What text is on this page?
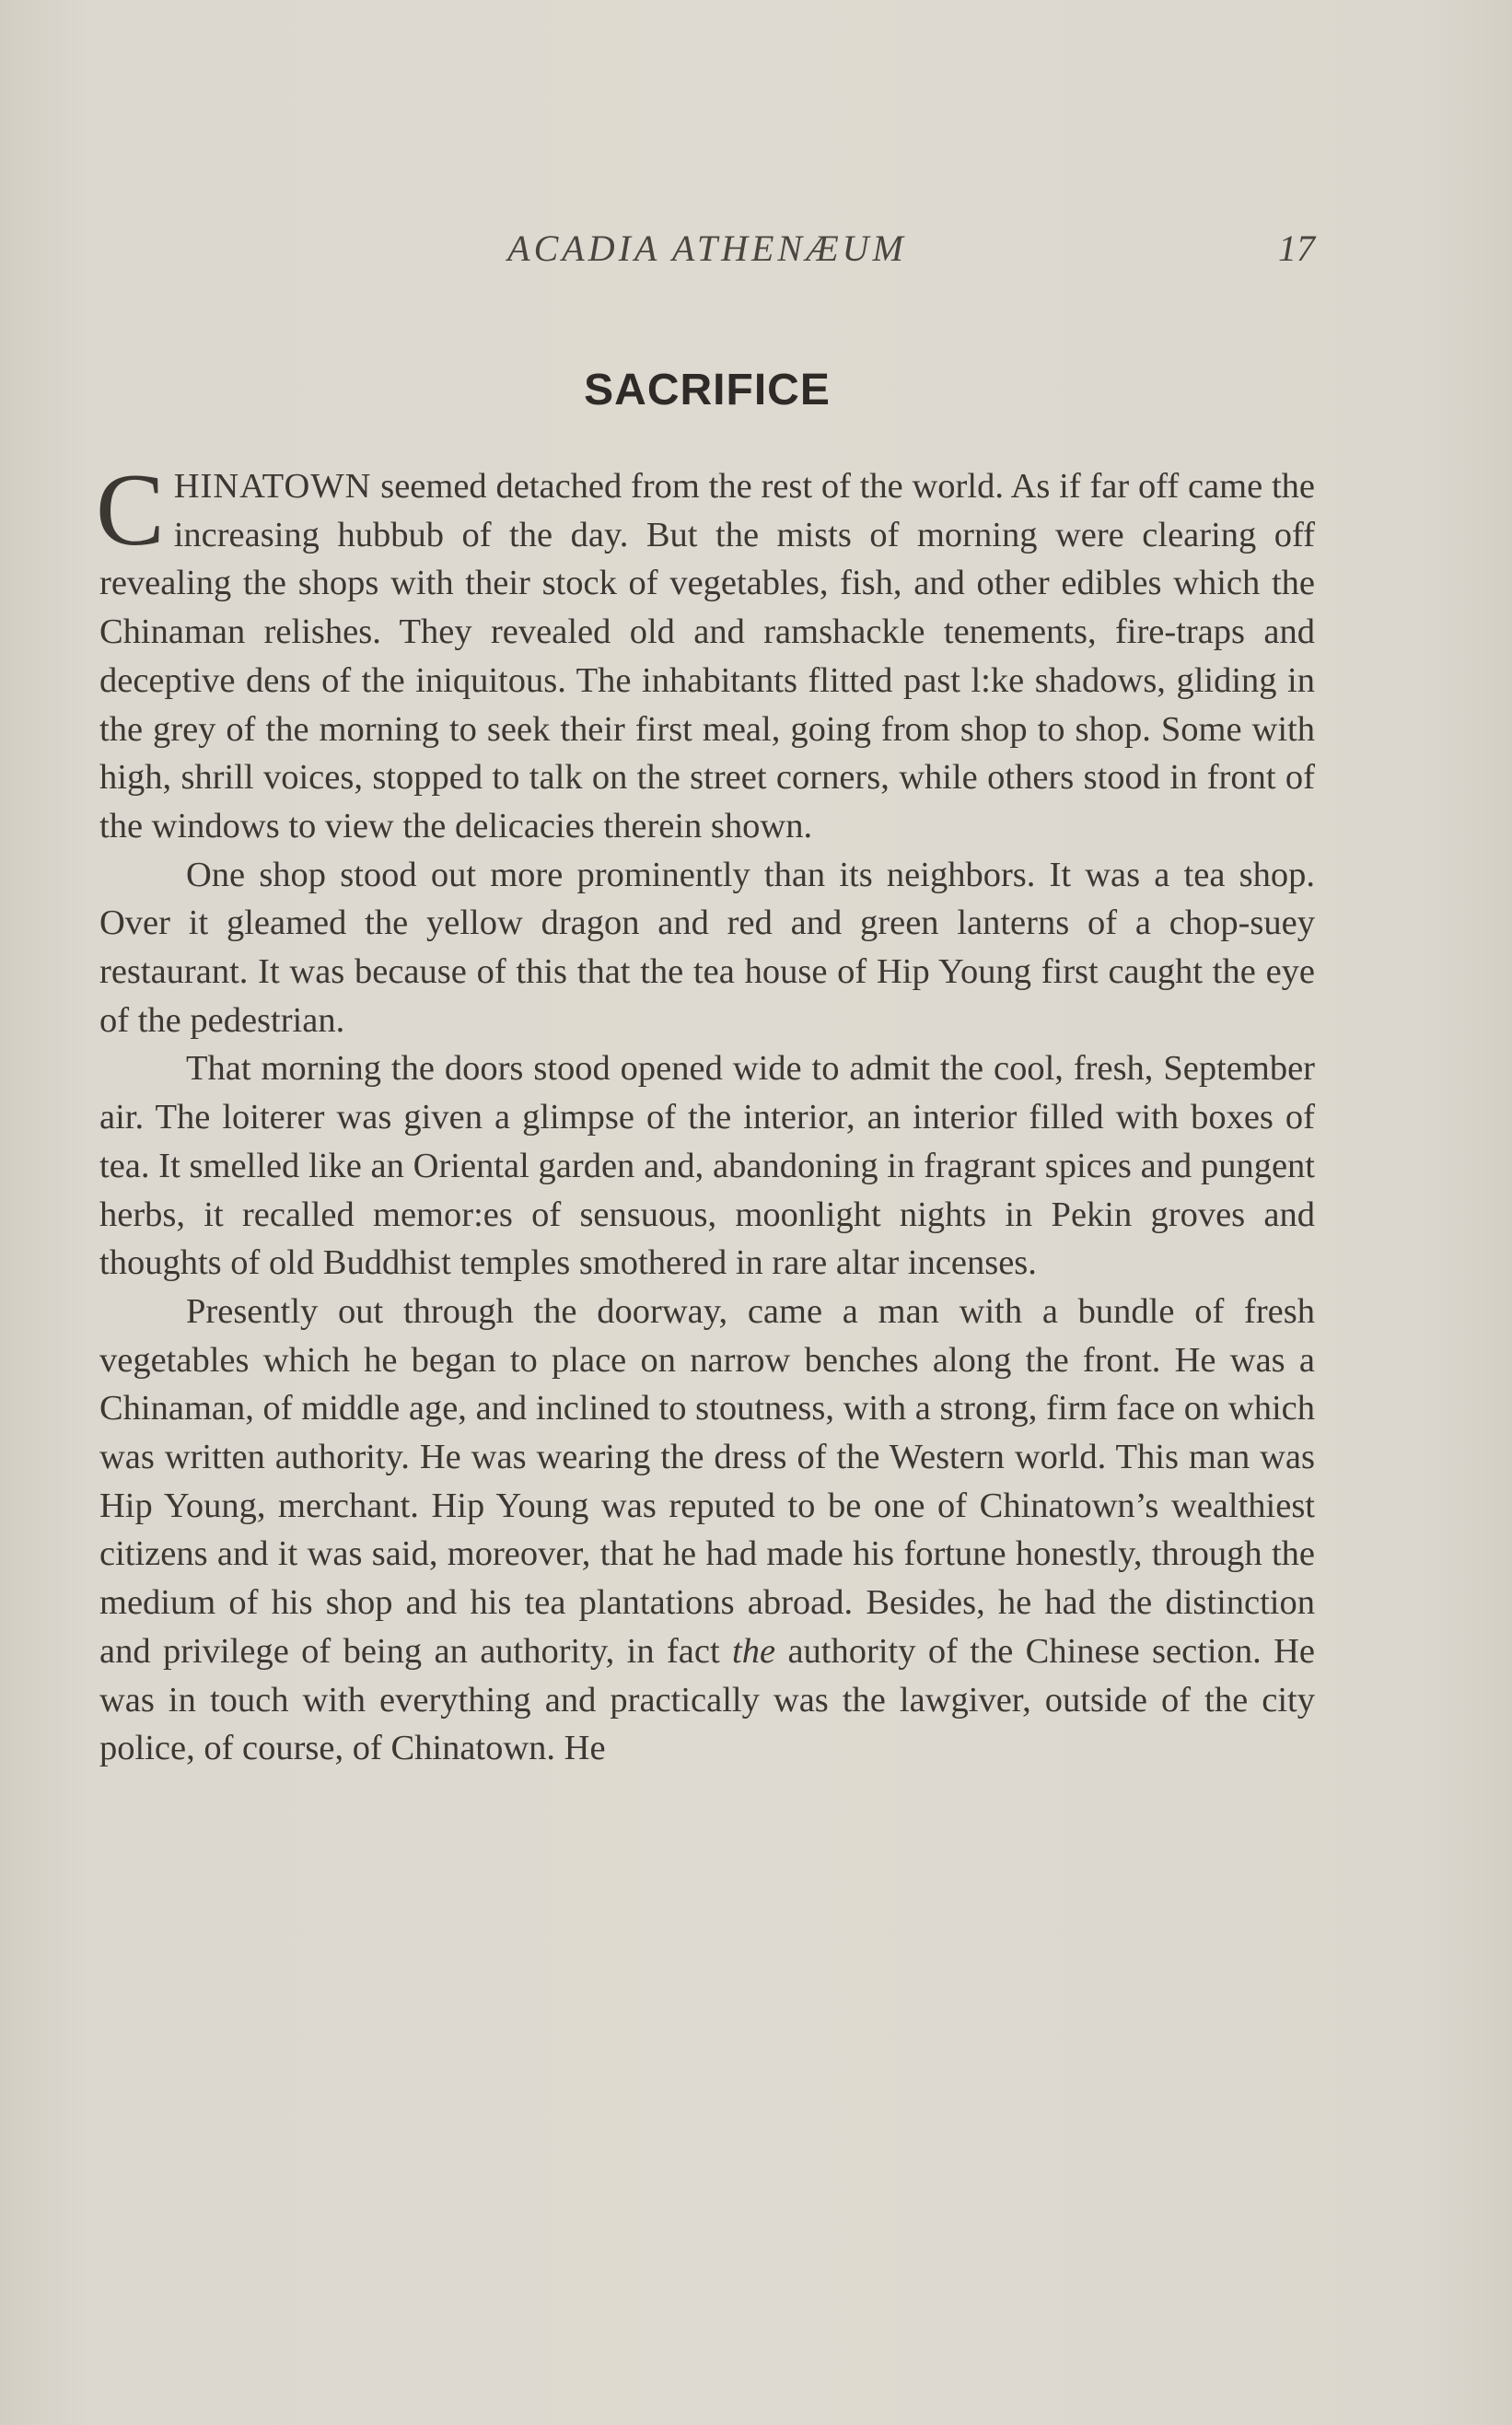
ACADIA ATHENÆUM	17
SACRIFICE

CHINATOWN seemed detached from the rest of the world. As if far off came the increasing hubbub of the day. But the mists of morning were clearing off revealing the shops with their stock of vegetables, fish, and other edibles which the Chinaman relishes. They revealed old and ramshackle tenements, fire-traps and deceptive dens of the iniquitous. The inhabitants flitted past l:ke shadows, gliding in the grey of the morning to seek their first meal, going from shop to shop. Some with high, shrill voices, stopped to talk on the street corners, while others stood in front of the windows to view the delicacies therein shown.

One shop stood out more prominently than its neighbors. It was a tea shop. Over it gleamed the yellow dragon and red and green lanterns of a chop-suey restaurant. It was because of this that the tea house of Hip Young first caught the eye of the pedestrian.

That morning the doors stood opened wide to admit the cool, fresh, September air. The loiterer was given a glimpse of the interior, an interior filled with boxes of tea. It smelled like an Oriental garden and, abandoning in fragrant spices and pungent herbs, it recalled memor:es of sensuous, moonlight nights in Pekin groves and thoughts of old Buddhist temples smothered in rare altar incenses.

Presently out through the doorway, came a man with a bundle of fresh vegetables which he began to place on narrow benches along the front. He was a Chinaman, of middle age, and inclined to stoutness, with a strong, firm face on which was written authority. He was wearing the dress of the Western world. This man was Hip Young, merchant. Hip Young was reputed to be one of Chinatown’s wealthiest citizens and it was said, moreover, that he had made his fortune honestly, through the medium of his shop and his tea plantations abroad. Besides, he had the distinction and privilege of being an authority, in fact the authority of the Chinese section. He was in touch with everything and practically was the lawgiver, outside of the city police, of course, of Chinatown. He
